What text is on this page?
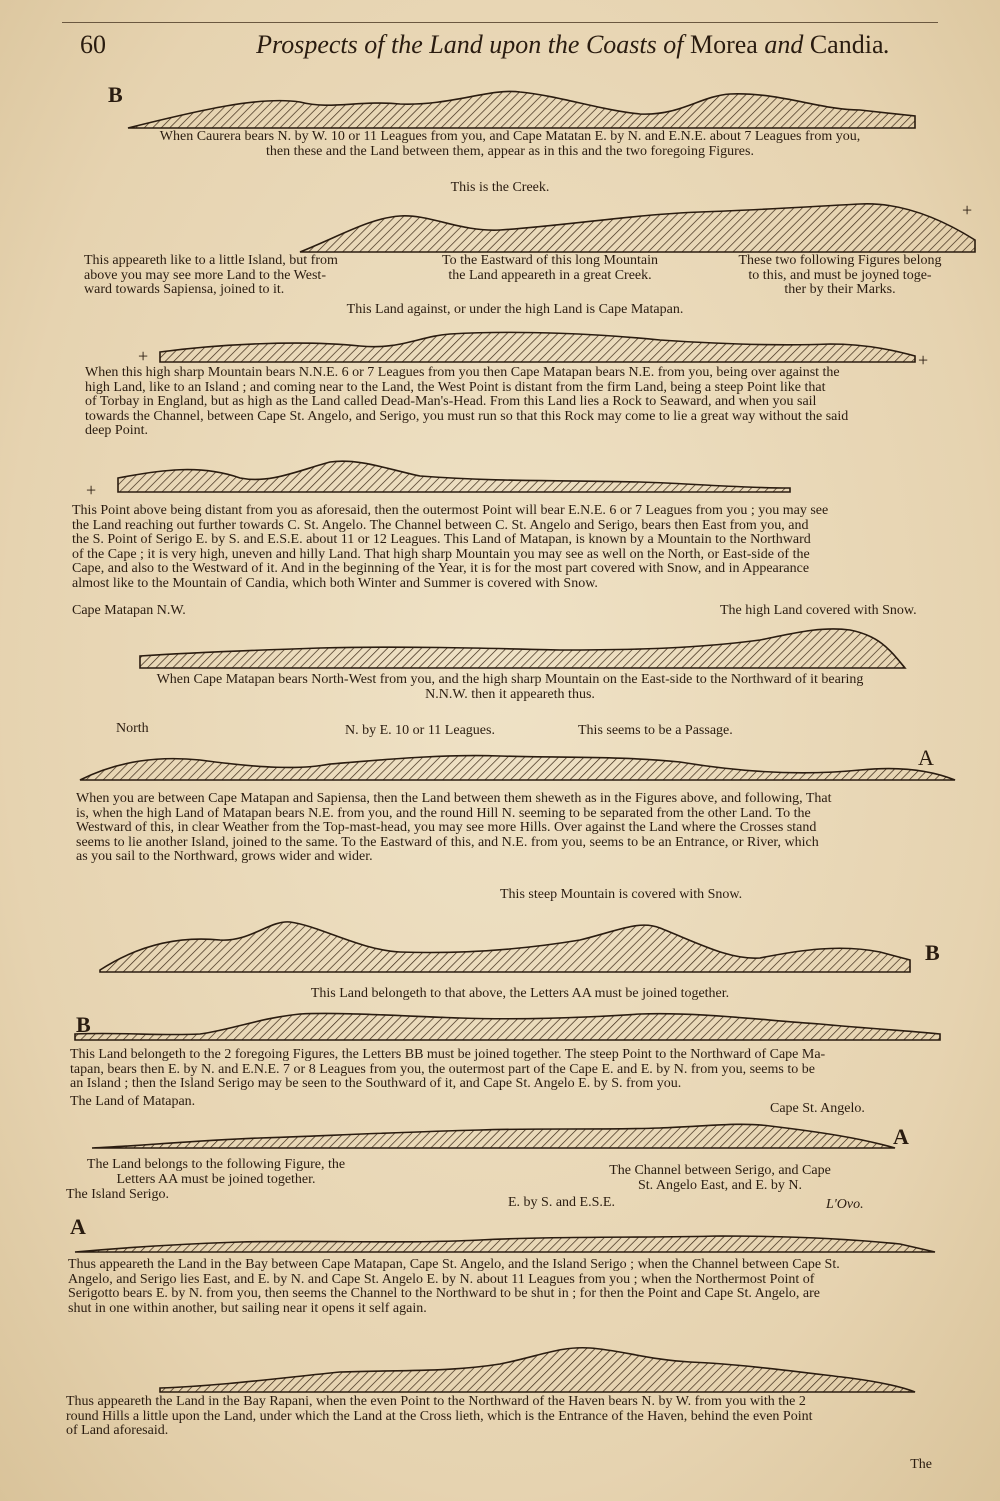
60	Prospects of the Land upon the Coasts of Morea and Candia.
B
+
+	+
+
A
B
B
A
A
When Caurera bears N. by W. 10 or 11 Leagues from you, and Cape Matatan E. by N. and E.N.E. about 7 Leagues from you,
then these and the Land between them, appear as in this and the two foregoing Figures.
This is the Creek.
This appeareth like to a little Island, but from
above you may see more Land to the West-
ward towards Sapiensa, joined to it.
To the Eastward of this long Mountain
the Land appeareth in a great Creek.
These two following Figures belong
to this, and must be joyned toge-
ther by their Marks.
This Land against, or under the high Land is Cape Matapan.
When this high sharp Mountain bears N.N.E. 6 or 7 Leagues from you then Cape Matapan bears N.E. from you, being over against the
high Land, like to an Island ; and coming near to the Land, the West Point is distant from the firm Land, being a steep Point like that
of Torbay in England, but as high as the Land called Dead-Man's-Head. From this Land lies a Rock to Seaward, and when you sail
towards the Channel, between Cape St. Angelo, and Serigo, you must run so that this Rock may come to lie a great way without the said
deep Point.
This Point above being distant from you as aforesaid, then the outermost Point will bear E.N.E. 6 or 7 Leagues from you ; you may see
the Land reaching out further towards C. St. Angelo. The Channel between C. St. Angelo and Serigo, bears then East from you, and
the S. Point of Serigo E. by S. and E.S.E. about 11 or 12 Leagues. This Land of Matapan, is known by a Mountain to the Northward
of the Cape ; it is very high, uneven and hilly Land. That high sharp Mountain you may see as well on the North, or East-side of the
Cape, and also to the Westward of it. And in the beginning of the Year, it is for the most part covered with Snow, and in Appearance
almost like to the Mountain of Candia, which both Winter and Summer is covered with Snow.
Cape Matapan N.W.	The high Land covered with Snow.
When Cape Matapan bears North-West from you, and the high sharp Mountain on the East-side to the Northward of it bearing
N.N.W. then it appeareth thus.
North	N. by E. 10 or 11 Leagues.	This seems to be a Passage.
When you are between Cape Matapan and Sapiensa, then the Land between them sheweth as in the Figures above, and following, That
is, when the high Land of Matapan bears N.E. from you, and the round Hill N. seeming to be separated from the other Land. To the
Westward of this, in clear Weather from the Top-mast-head, you may see more Hills. Over against the Land where the Crosses stand
seems to lie another Island, joined to the same. To the Eastward of this, and N.E. from you, seems to be an Entrance, or River, which
as you sail to the Northward, grows wider and wider.
This steep Mountain is covered with Snow.
This Land belongeth to that above, the Letters AA must be joined together.
This Land belongeth to the 2 foregoing Figures, the Letters BB must be joined together. The steep Point to the Northward of Cape Ma-
tapan, bears then E. by N. and E.N.E. 7 or 8 Leagues from you, the outermost part of the Cape E. and E. by N. from you, seems to be
an Island ; then the Island Serigo may be seen to the Southward of it, and Cape St. Angelo E. by S. from you.
The Land of Matapan.	Cape St. Angelo.
The Land belongs to the following Figure, the
Letters AA must be joined together.
The Island Serigo.
The Channel between Serigo, and Cape
St. Angelo East, and E. by N.
E. by S. and E.S.E.	L'Ovo.
Thus appeareth the Land in the Bay between Cape Matapan, Cape St. Angelo, and the Island Serigo ; when the Channel between Cape St.
Angelo, and Serigo lies East, and E. by N. and Cape St. Angelo E. by N. about 11 Leagues from you ; when the Northermost Point of
Serigotto bears E. by N. from you, then seems the Channel to the Northward to be shut in ; for then the Point and Cape St. Angelo, are
shut in one within another, but sailing near it opens it self again.
Thus appeareth the Land in the Bay Rapani, when the even Point to the Northward of the Haven bears N. by W. from you with the 2
round Hills a little upon the Land, under which the Land at the Cross lieth, which is the Entrance of the Haven, behind the even Point
of Land aforesaid.
The
